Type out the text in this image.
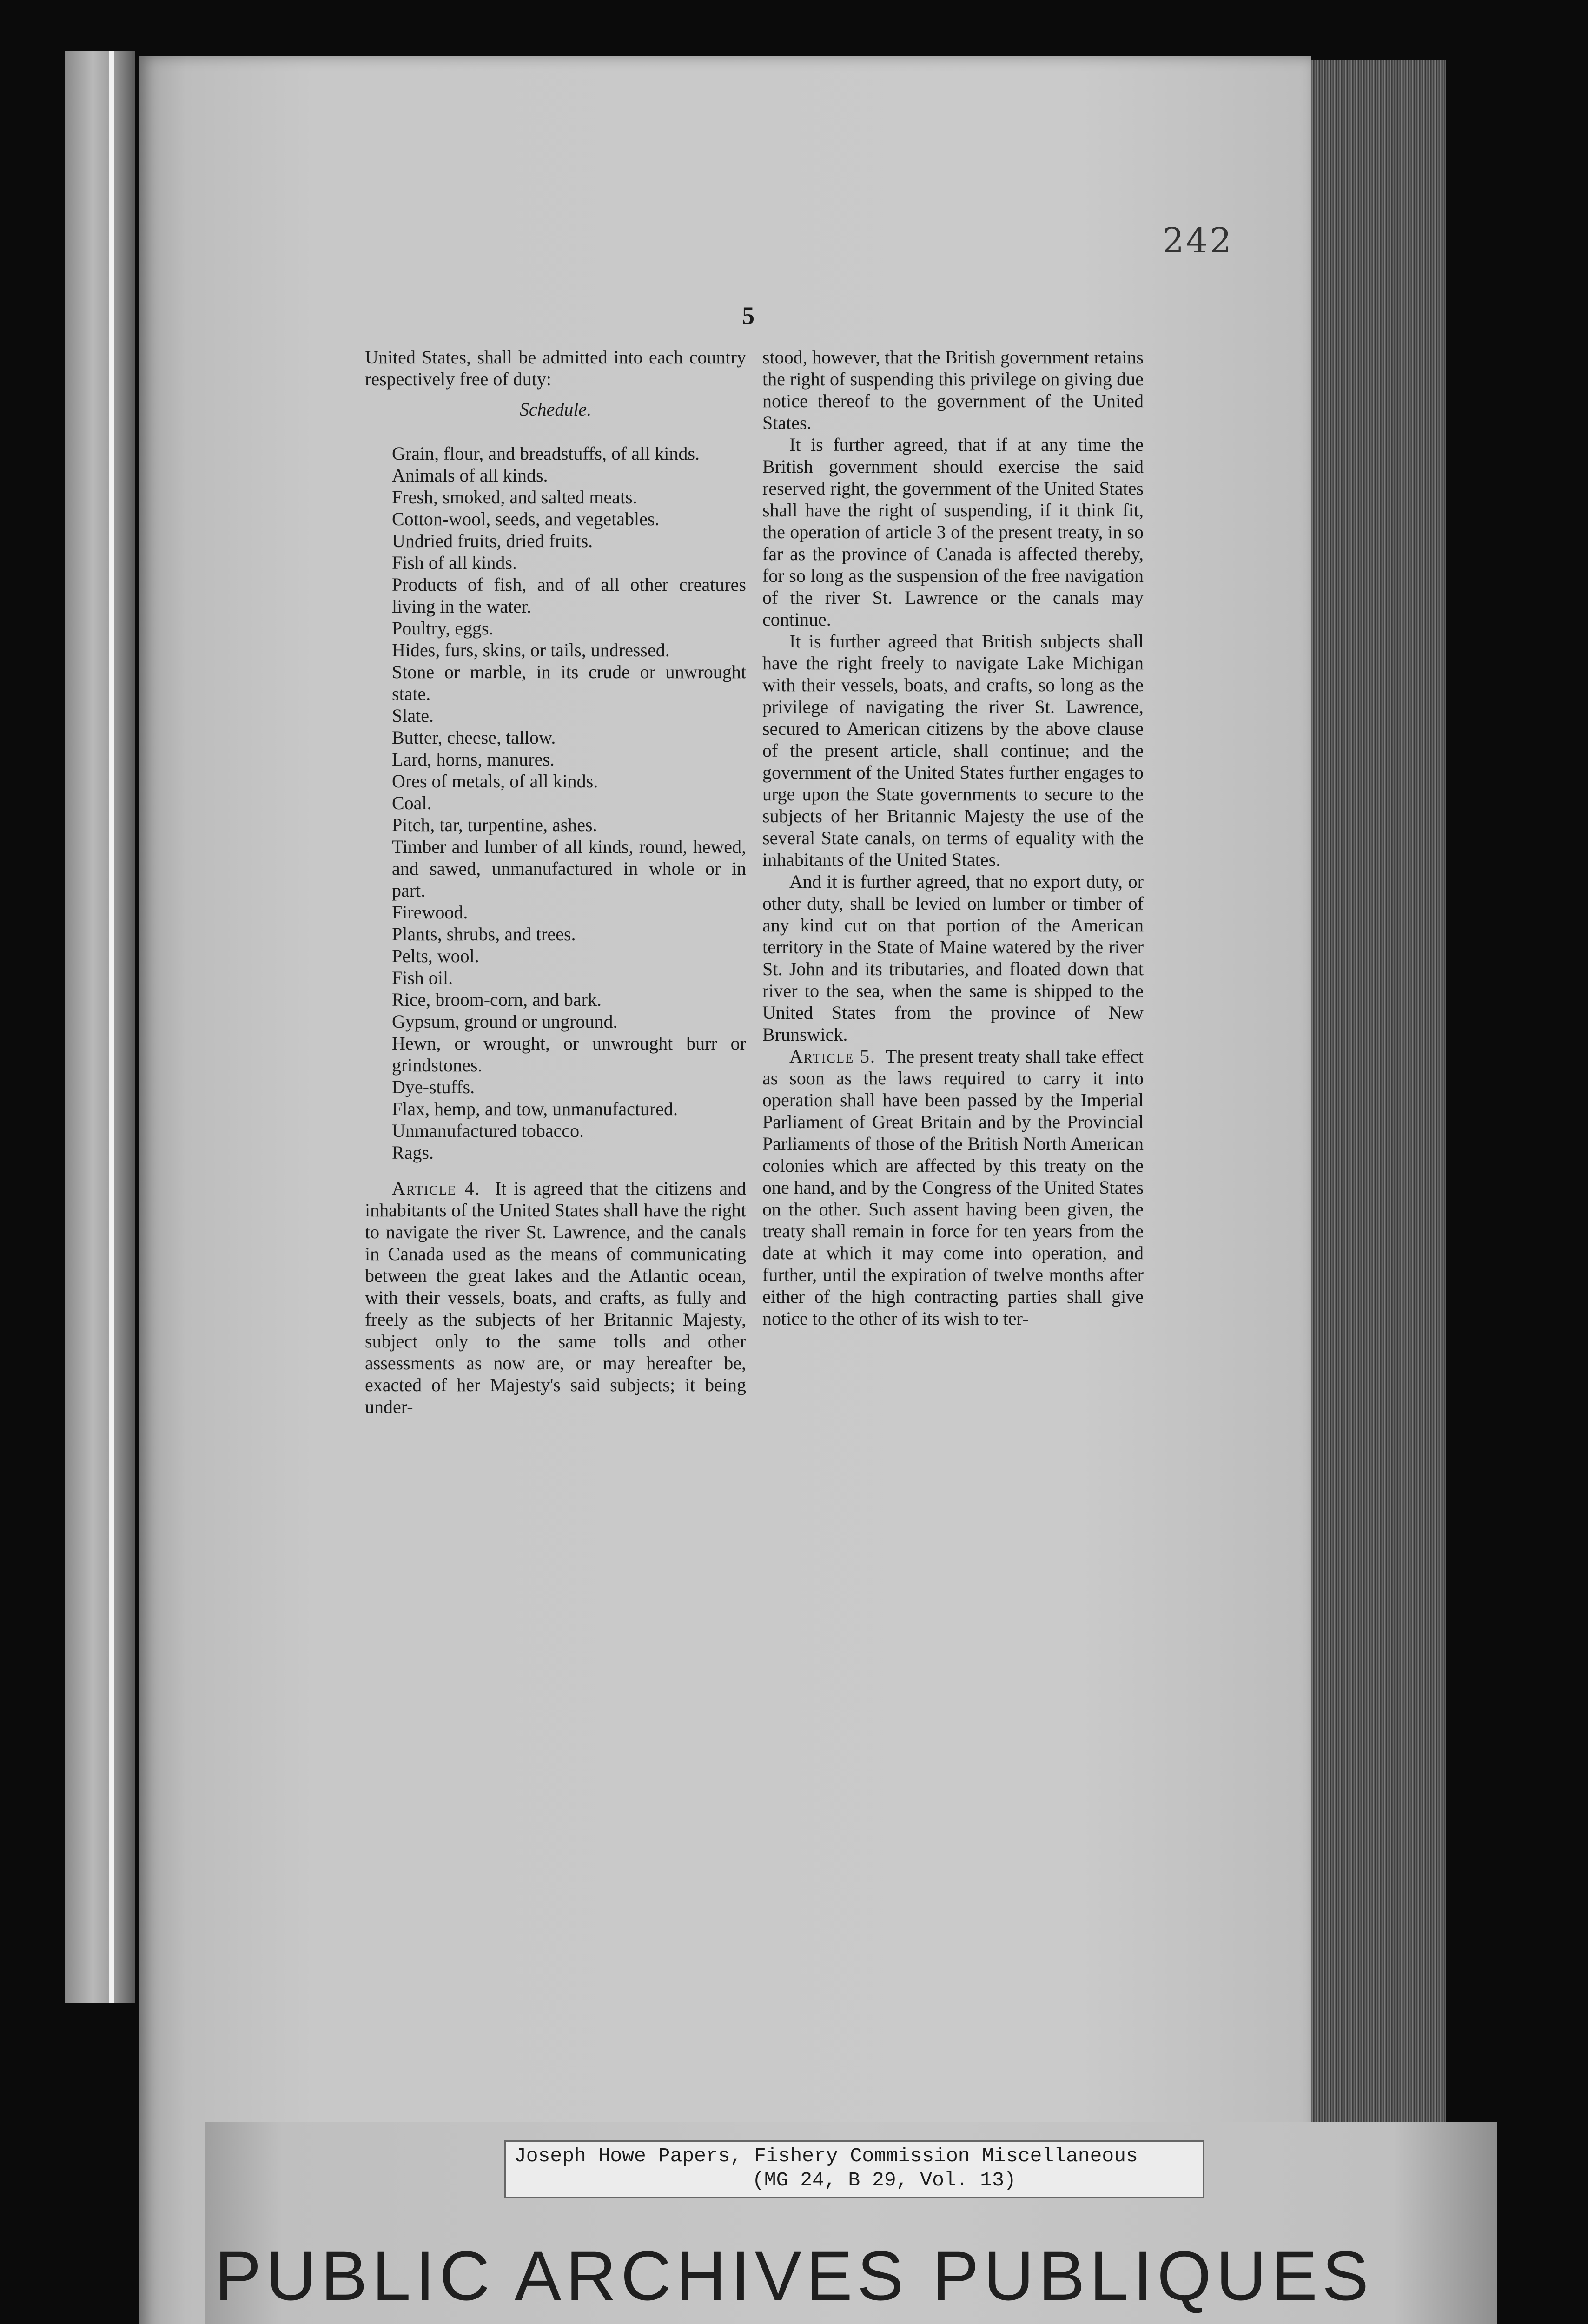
242
5

United States, shall be admitted into each country respectively free of duty:

Schedule.

Grain, flour, and breadstuffs, of all kinds.
Animals of all kinds.
Fresh, smoked, and salted meats.
Cotton-wool, seeds, and vegetables.
Undried fruits, dried fruits.
Fish of all kinds.
Products of fish, and of all other creatures living in the water.
Poultry, eggs.
Hides, furs, skins, or tails, undressed.
Stone or marble, in its crude or unwrought state.
Slate.
Butter, cheese, tallow.
Lard, horns, manures.
Ores of metals, of all kinds.
Coal.
Pitch, tar, turpentine, ashes.
Timber and lumber of all kinds, round, hewed, and sawed, unmanufactured in whole or in part.
Firewood.
Plants, shrubs, and trees.
Pelts, wool.
Fish oil.
Rice, broom-corn, and bark.
Gypsum, ground or unground.
Hewn, or wrought, or unwrought burr or grindstones.
Dye-stuffs.
Flax, hemp, and tow, unmanufactured.
Unmanufactured tobacco.
Rags.

Article 4. It is agreed that the citizens and inhabitants of the United States shall have the right to navigate the river St. Lawrence, and the canals in Canada used as the means of communicating between the great lakes and the Atlantic ocean, with their vessels, boats, and crafts, as fully and freely as the subjects of her Britannic Majesty, subject only to the same tolls and other assessments as now are, or may hereafter be, exacted of her Majesty's said subjects; it being under-

stood, however, that the British government retains the right of suspending this privilege on giving due notice thereof to the government of the United States.

It is further agreed, that if at any time the British government should exercise the said reserved right, the government of the United States shall have the right of suspending, if it think fit, the operation of article 3 of the present treaty, in so far as the province of Canada is affected thereby, for so long as the suspension of the free navigation of the river St. Lawrence or the canals may continue.

It is further agreed that British subjects shall have the right freely to navigate Lake Michigan with their vessels, boats, and crafts, so long as the privilege of navigating the river St. Lawrence, secured to American citizens by the above clause of the present article, shall continue; and the government of the United States further engages to urge upon the State governments to secure to the subjects of her Britannic Majesty the use of the several State canals, on terms of equality with the inhabitants of the United States.

And it is further agreed, that no export duty, or other duty, shall be levied on lumber or timber of any kind cut on that portion of the American territory in the State of Maine watered by the river St. John and its tributaries, and floated down that river to the sea, when the same is shipped to the United States from the province of New Brunswick.

Article 5. The present treaty shall take effect as soon as the laws required to carry it into operation shall have been passed by the Imperial Parliament of Great Britain and by the Provincial Parliaments of those of the British North American colonies which are affected by this treaty on the one hand, and by the Congress of the United States on the other. Such assent having been given, the treaty shall remain in force for ten years from the date at which it may come into operation, and further, until the expiration of twelve months after either of the high contracting parties shall give notice to the other of its wish to ter-

Joseph Howe Papers, Fishery Commission Miscellaneous
(MG 24, B 29, Vol. 13)
PUBLIC ARCHIVES PUBLIQUES
